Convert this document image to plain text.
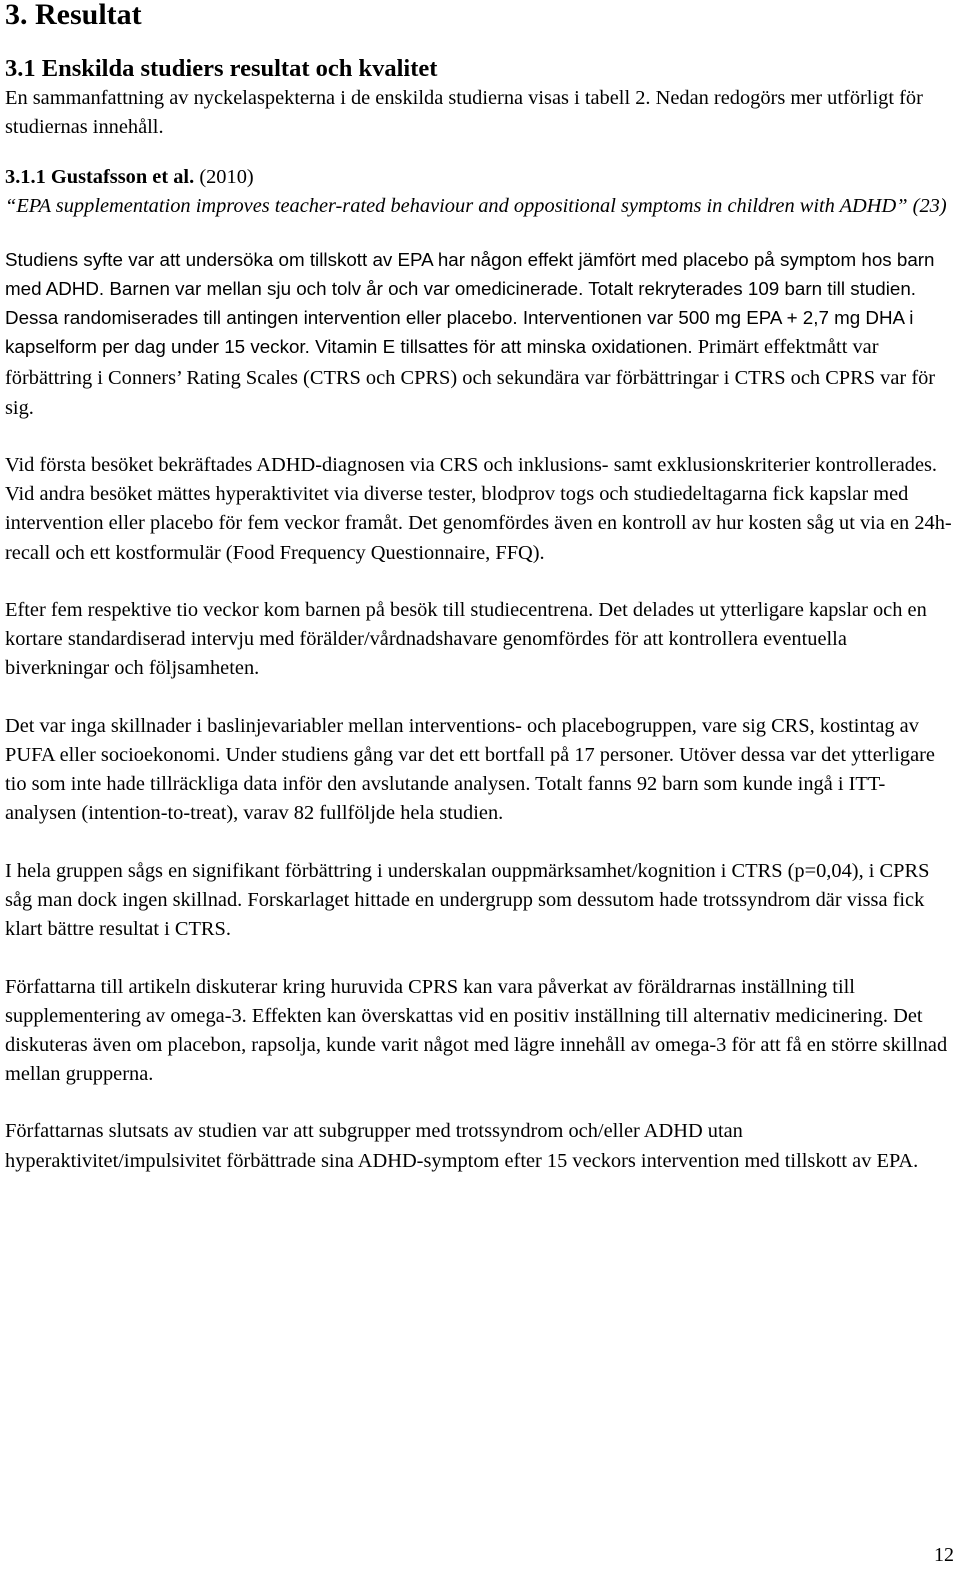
3. Resultat
3.1 Enskilda studiers resultat och kvalitet

En sammanfattning av nyckelaspekterna i de enskilda studierna visas i tabell 2. Nedan redogörs mer utförligt för studiernas innehåll.

3.1.1 Gustafsson et al. (2010)

“EPA supplementation improves teacher-rated behaviour and oppositional symptoms in children with ADHD” (23)

Studiens syfte var att undersöka om tillskott av EPA har någon effekt jämfört med placebo på symptom hos barn med ADHD. Barnen var mellan sju och tolv år och var omedicinerade. Totalt rekryterades 109 barn till studien. Dessa randomiserades till antingen intervention eller placebo. Interventionen var 500 mg EPA + 2,7 mg DHA i kapselform per dag under 15 veckor. Vitamin E tillsattes för att minska oxidationen. Primärt effektmått var förbättring i Conners’ Rating Scales (CTRS och CPRS) och sekundära var förbättringar i CTRS och CPRS var för sig.

Vid första besöket bekräftades ADHD-diagnosen via CRS och inklusions- samt exklusionskriterier kontrollerades. Vid andra besöket mättes hyperaktivitet via diverse tester, blodprov togs och studiedeltagarna fick kapslar med intervention eller placebo för fem veckor framåt. Det genomfördes även en kontroll av hur kosten såg ut via en 24h-recall och ett kostformulär (Food Frequency Questionnaire, FFQ).

Efter fem respektive tio veckor kom barnen på besök till studiecentrena. Det delades ut ytterligare kapslar och en kortare standardiserad intervju med förälder/vårdnadshavare genomfördes för att kontrollera eventuella biverkningar och följsamheten.

Det var inga skillnader i baslinjevariabler mellan interventions- och placebogruppen, vare sig CRS, kostintag av PUFA eller socioekonomi. Under studiens gång var det ett bortfall på 17 personer. Utöver dessa var det ytterligare tio som inte hade tillräckliga data inför den avslutande analysen. Totalt fanns 92 barn som kunde ingå i ITT-analysen (intention-to-treat), varav 82 fullföljde hela studien.

I hela gruppen sågs en signifikant förbättring i underskalan ouppmärksamhet/kognition i CTRS (p=0,04), i CPRS såg man dock ingen skillnad. Forskarlaget hittade en undergrupp som dessutom hade trotssyndrom där vissa fick klart bättre resultat i CTRS.

Författarna till artikeln diskuterar kring huruvida CPRS kan vara påverkat av föräldrarnas inställning till supplementering av omega-3. Effekten kan överskattas vid en positiv inställning till alternativ medicinering. Det diskuteras även om placebon, rapsolja, kunde varit något med lägre innehåll av omega-3 för att få en större skillnad mellan grupperna.

Författarnas slutsats av studien var att subgrupper med trotssyndrom och/eller ADHD utan hyperaktivitet/impulsivitet förbättrade sina ADHD-symptom efter 15 veckors intervention med tillskott av EPA.

12
